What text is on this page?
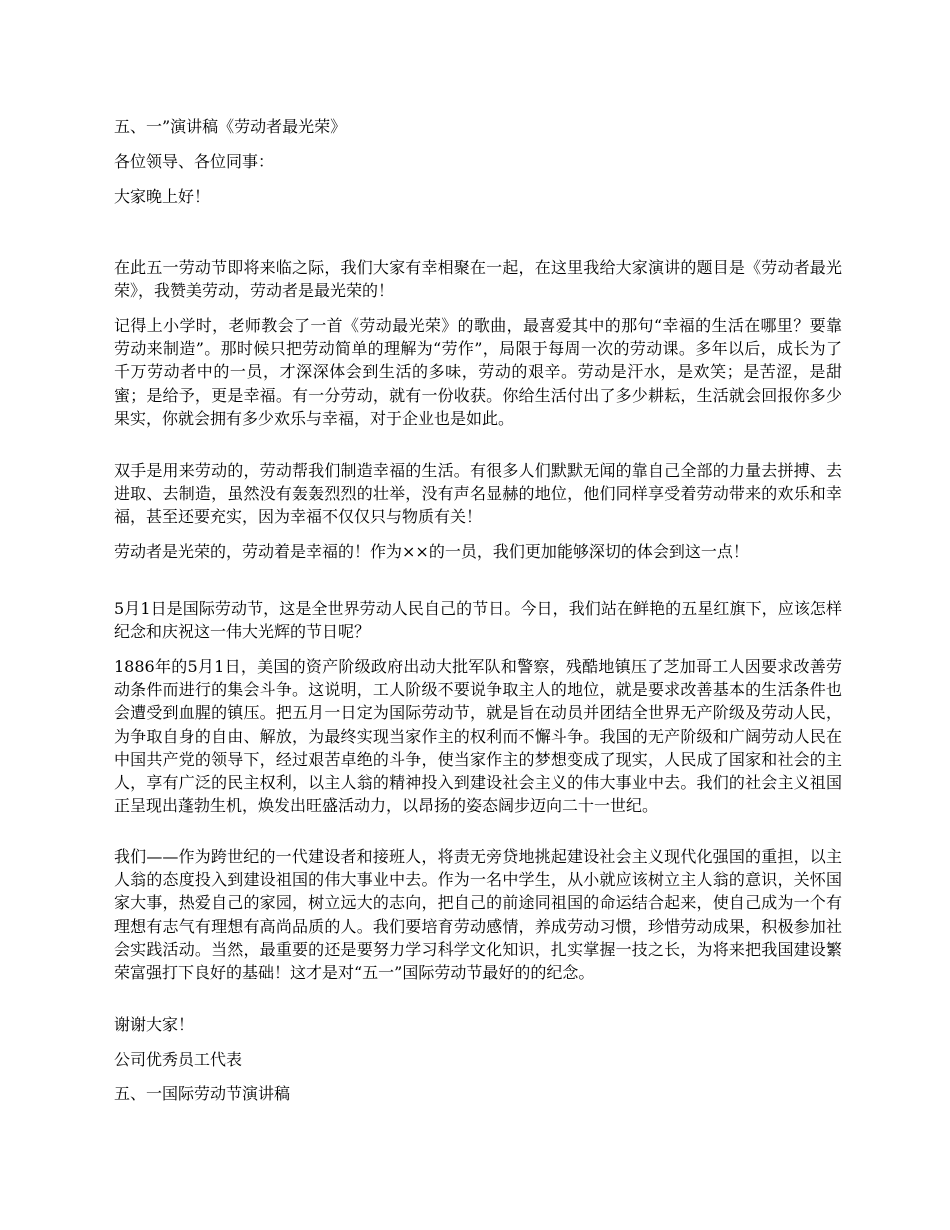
五、一”演讲稿《劳动者最光荣》

各位领导、各位同事：

大家晚上好！

在此五一劳动节即将来临之际，我们大家有幸相聚在一起，在这里我给大家演讲的题目是《劳动者最光荣》，我赞美劳动，劳动者是最光荣的！

记得上小学时，老师教会了一首《劳动最光荣》的歌曲，最喜爱其中的那句“幸福的生活在哪里？要靠劳动来制造”。那时候只把劳动简单的理解为“劳作”，局限于每周一次的劳动课。多年以后，成长为了千万劳动者中的一员，才深深体会到生活的多味，劳动的艰辛。劳动是汗水，是欢笑；是苦涩，是甜蜜；是给予，更是幸福。有一分劳动，就有一份收获。你给生活付出了多少耕耘，生活就会回报你多少果实，你就会拥有多少欢乐与幸福，对于企业也是如此。

双手是用来劳动的，劳动帮我们制造幸福的生活。有很多人们默默无闻的靠自己全部的力量去拼搏、去进取、去制造，虽然没有轰轰烈烈的壮举，没有声名显赫的地位，他们同样享受着劳动带来的欢乐和幸福，甚至还要充实，因为幸福不仅仅只与物质有关！

劳动者是光荣的，劳动着是幸福的！作为××的一员，我们更加能够深切的体会到这一点！

5月1日是国际劳动节，这是全世界劳动人民自己的节日。今日，我们站在鲜艳的五星红旗下，应该怎样纪念和庆祝这一伟大光辉的节日呢？

1886年的5月1日，美国的资产阶级政府出动大批军队和警察，残酷地镇压了芝加哥工人因要求改善劳动条件而进行的集会斗争。这说明，工人阶级不要说争取主人的地位，就是要求改善基本的生活条件也会遭受到血腥的镇压。把五月一日定为国际劳动节，就是旨在动员并团结全世界无产阶级及劳动人民，为争取自身的自由、解放，为最终实现当家作主的权利而不懈斗争。我国的无产阶级和广阔劳动人民在中国共产党的领导下，经过艰苦卓绝的斗争，使当家作主的梦想变成了现实，人民成了国家和社会的主人，享有广泛的民主权利，以主人翁的精神投入到建设社会主义的伟大事业中去。我们的社会主义祖国正呈现出蓬勃生机，焕发出旺盛活动力，以昂扬的姿态阔步迈向二十一世纪。

我们——作为跨世纪的一代建设者和接班人，将责无旁贷地挑起建设社会主义现代化强国的重担，以主人翁的态度投入到建设祖国的伟大事业中去。作为一名中学生，从小就应该树立主人翁的意识，关怀国家大事，热爱自己的家园，树立远大的志向，把自己的前途同祖国的命运结合起来，使自己成为一个有理想有志气有理想有高尚品质的人。我们要培育劳动感情，养成劳动习惯，珍惜劳动成果，积极参加社会实践活动。当然，最重要的还是要努力学习科学文化知识，扎实掌握一技之长，为将来把我国建设繁荣富强打下良好的基础！这才是对“五一”国际劳动节最好的的纪念。

谢谢大家！

公司优秀员工代表

五、一国际劳动节演讲稿
